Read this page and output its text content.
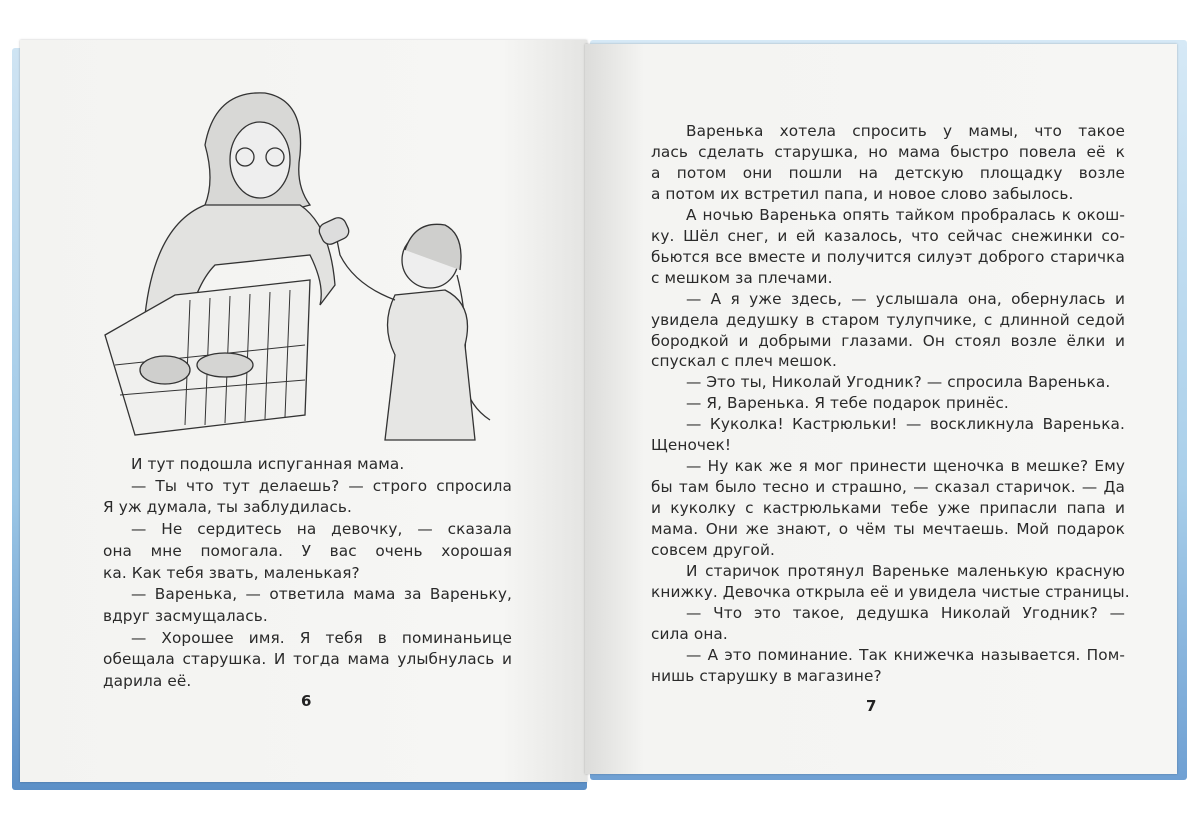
И тут подошла испуганная мама.
— Ты что тут делаешь? — строго спросила
Я уж думала, ты заблудилась.
— Не сердитесь на девочку, — сказала
она мне помогала. У вас очень хорошая
ка. Как тебя звать, маленькая?
— Варенька, — ответила мама за Вареньку,
вдруг засмущалась.
— Хорошее имя. Я тебя в поминаньице
обещала старушка. И тогда мама улыбнулась и
дарила её.
Варенька хотела спросить у мамы, что такое
лась сделать старушка, но мама быстро повела её к
а потом они пошли на детскую площадку возле
а потом их встретил папа, и новое слово забылось.
А ночью Варенька опять тайком пробралась к окош-
ку. Шёл снег, и ей казалось, что сейчас снежинки со-
бьются все вместе и получится силуэт доброго старичка
с мешком за плечами.
— А я уже здесь, — услышала она, обернулась и
увидела дедушку в старом тулупчике, с длинной седой
бородкой и добрыми глазами. Он стоял возле ёлки и
спускал с плеч мешок.
— Это ты, Николай Угодник? — спросила Варенька.
— Я, Варенька. Я тебе подарок принёс.
— Куколка! Кастрюльки! — воскликнула Варенька.
Щеночек!
— Ну как же я мог принести щеночка в мешке? Ему
бы там было тесно и страшно, — сказал старичок. — Да
и куколку с кастрюльками тебе уже припасли папа и
мама. Они же знают, о чём ты мечтаешь. Мой подарок
совсем другой.
И старичок протянул Вареньке маленькую красную
книжку. Девочка открыла её и увидела чистые страницы.
— Что это такое, дедушка Николай Угодник? —
сила она.
— А это поминание. Так книжечка называется. Пом-
нишь старушку в магазине?
6	7
